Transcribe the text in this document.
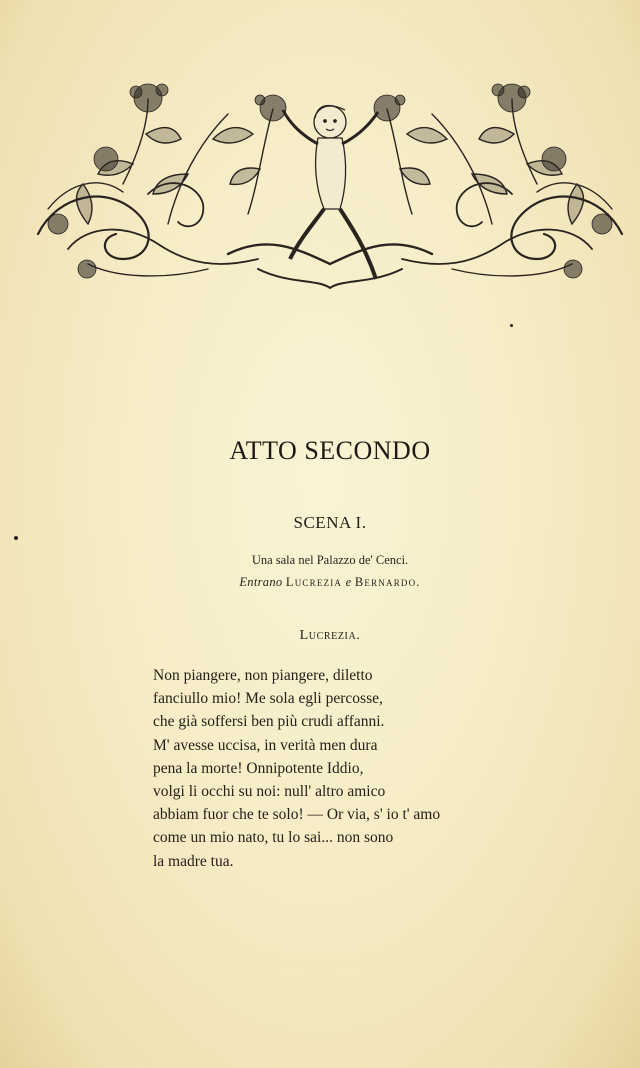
ATTO SECONDO
SCENA I.
Una sala nel Palazzo de' Cenci.
Entrano Lucrezia e Bernardo.
Lucrezia.
Non piangere, non piangere, diletto
fanciullo mio! Me sola egli percosse,
che già soffersi ben più crudi affanni.
M' avesse uccisa, in verità men dura
pena la morte! Onnipotente Iddio,
volgi li occhi su noi: null' altro amico
abbiam fuor che te solo! — Or via, s' io t' amo
come un mio nato, tu lo sai... non sono
la madre tua.
